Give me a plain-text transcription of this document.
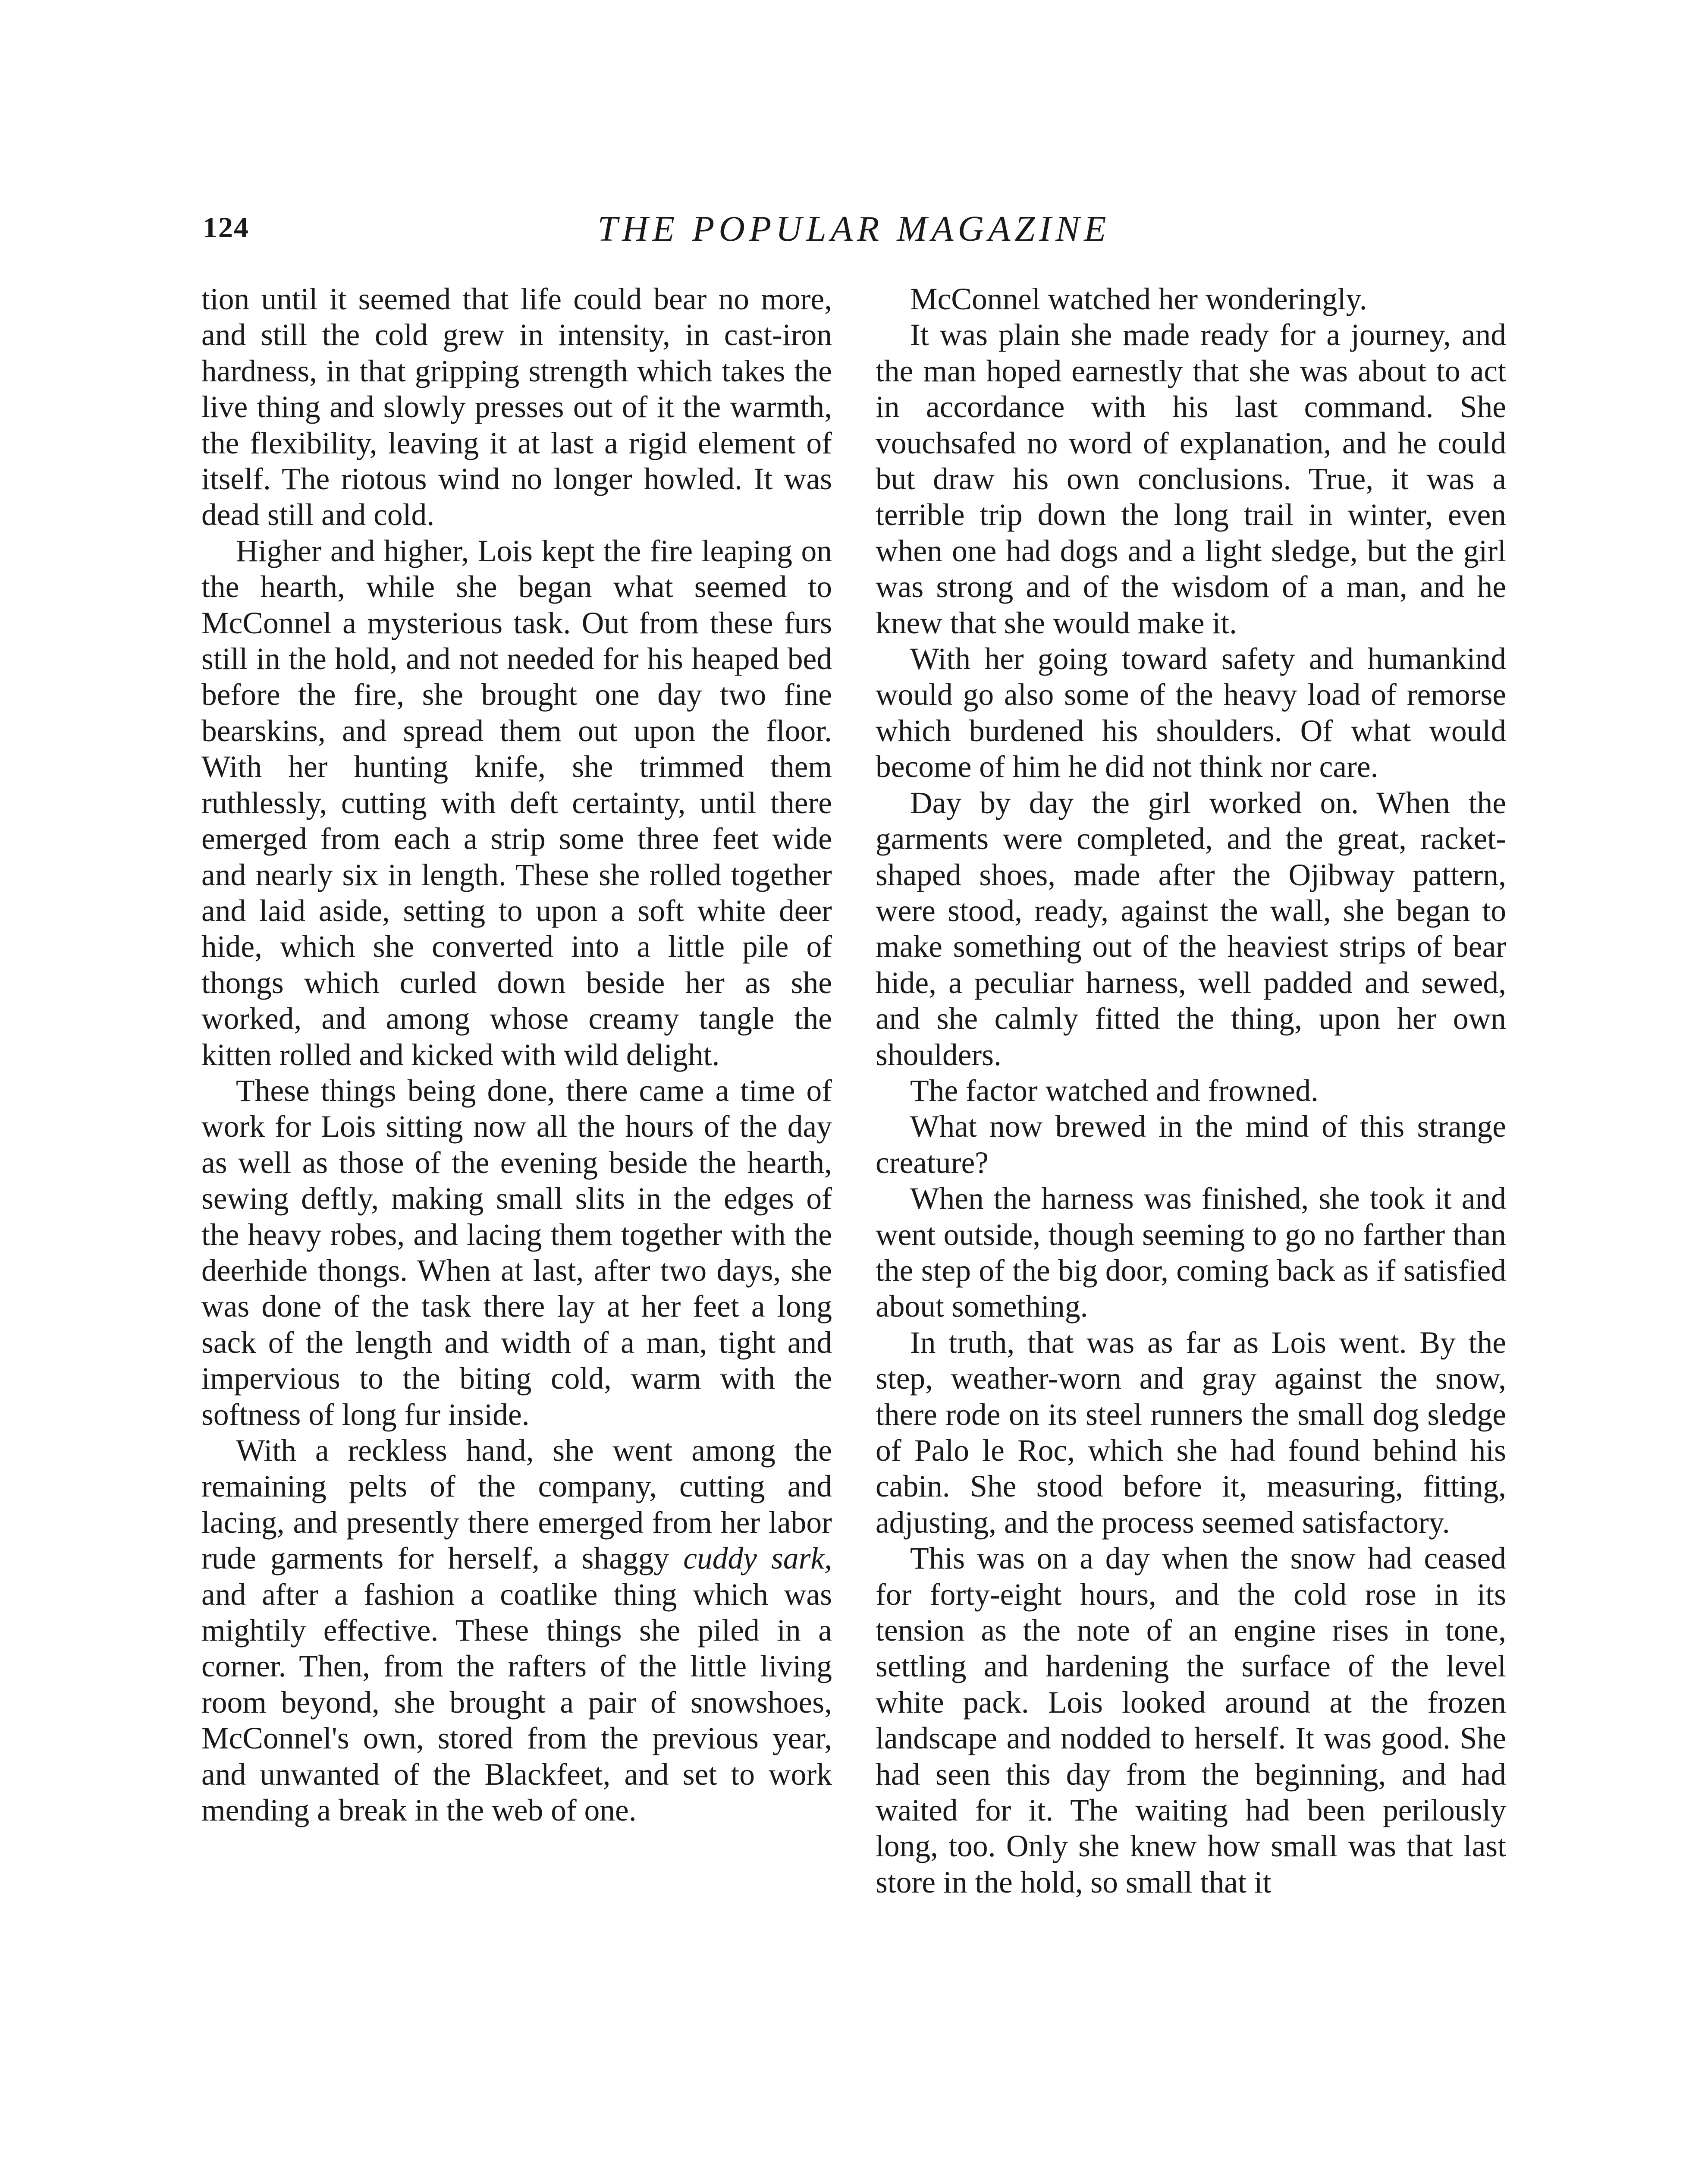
124	THE POPULAR MAGAZINE

tion until it seemed that life could bear no more, and still the cold grew in intensity, in cast-iron hardness, in that gripping strength which takes the live thing and slowly presses out of it the warmth, the flexibility, leaving it at last a rigid element of itself. The riotous wind no longer howled. It was dead still and cold.

Higher and higher, Lois kept the fire leaping on the hearth, while she began what seemed to McConnel a mysterious task. Out from these furs still in the hold, and not needed for his heaped bed before the fire, she brought one day two fine bearskins, and spread them out upon the floor. With her hunting knife, she trimmed them ruthlessly, cutting with deft certainty, until there emerged from each a strip some three feet wide and nearly six in length. These she rolled together and laid aside, setting to upon a soft white deer hide, which she converted into a little pile of thongs which curled down beside her as she worked, and among whose creamy tangle the kitten rolled and kicked with wild delight.

These things being done, there came a time of work for Lois sitting now all the hours of the day as well as those of the evening beside the hearth, sewing deftly, making small slits in the edges of the heavy robes, and lacing them together with the deerhide thongs. When at last, after two days, she was done of the task there lay at her feet a long sack of the length and width of a man, tight and impervious to the biting cold, warm with the softness of long fur inside.

With a reckless hand, she went among the remaining pelts of the company, cutting and lacing, and presently there emerged from her labor rude garments for herself, a shaggy cuddy sark, and after a fashion a coatlike thing which was mightily effective. These things she piled in a corner. Then, from the rafters of the little living room beyond, she brought a pair of snowshoes, McConnel's own, stored from the previous year, and unwanted of the Blackfeet, and set to work mending a break in the web of one.

McConnel watched her wonderingly.

It was plain she made ready for a journey, and the man hoped earnestly that she was about to act in accordance with his last command. She vouchsafed no word of explanation, and he could but draw his own conclusions. True, it was a terrible trip down the long trail in winter, even when one had dogs and a light sledge, but the girl was strong and of the wisdom of a man, and he knew that she would make it.

With her going toward safety and humankind would go also some of the heavy load of remorse which burdened his shoulders. Of what would become of him he did not think nor care.

Day by day the girl worked on. When the garments were completed, and the great, racket-shaped shoes, made after the Ojibway pattern, were stood, ready, against the wall, she began to make something out of the heaviest strips of bear hide, a peculiar harness, well padded and sewed, and she calmly fitted the thing, upon her own shoulders.

The factor watched and frowned.

What now brewed in the mind of this strange creature?

When the harness was finished, she took it and went outside, though seeming to go no farther than the step of the big door, coming back as if satisfied about something.

In truth, that was as far as Lois went. By the step, weather-worn and gray against the snow, there rode on its steel runners the small dog sledge of Palo le Roc, which she had found behind his cabin. She stood before it, measuring, fitting, adjusting, and the process seemed satisfactory.

This was on a day when the snow had ceased for forty-eight hours, and the cold rose in its tension as the note of an engine rises in tone, settling and hardening the surface of the level white pack. Lois looked around at the frozen landscape and nodded to herself. It was good. She had seen this day from the beginning, and had waited for it. The waiting had been perilously long, too. Only she knew how small was that last store in the hold, so small that it
